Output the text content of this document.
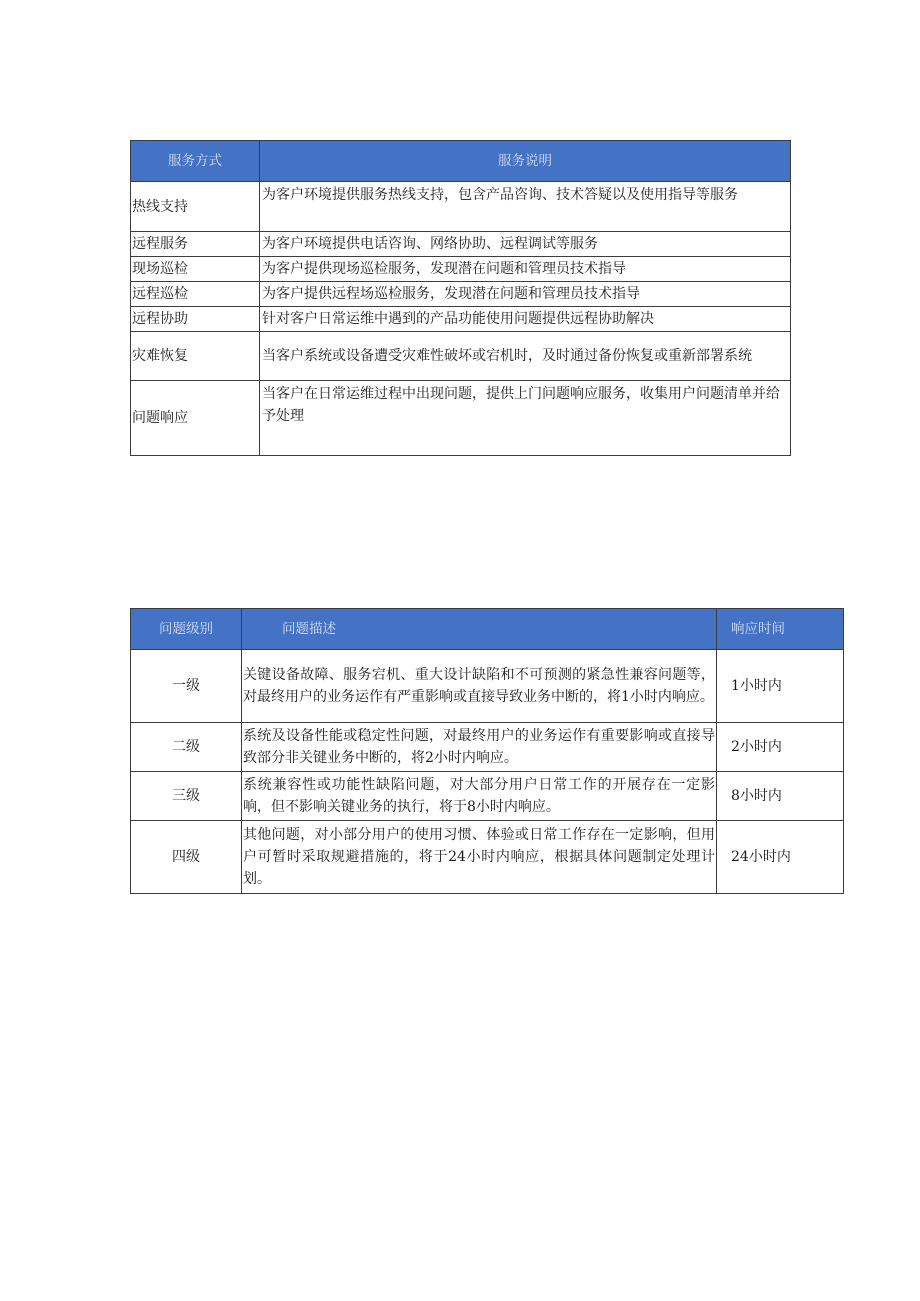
服务方式	服务说明
热线支持	为客户环境提供服务热线支持，包含产品咨询、技术答疑以及使用指导等服务
远程服务	为客户环境提供电话咨询、网络协助、远程调试等服务
现场巡检	为客户提供现场巡检服务，发现潜在问题和管理员技术指导
远程巡检	为客户提供远程场巡检服务，发现潜在问题和管理员技术指导
远程协助	针对客户日常运维中遇到的产品功能使用问题提供远程协助解决
灾难恢复	当客户系统或设备遭受灾难性破坏或宕机时，及时通过备份恢复或重新部署系统
问题响应	当客户在日常运维过程中出现问题，提供上门问题响应服务，收集用户问题清单并给予处理
问题级别	问题描述	响应时间
一级	关键设备故障、服务宕机、重大设计缺陷和不可预测的紧急性兼容问题等，对最终用户的业务运作有严重影响或直接导致业务中断的，将1小时内响应。	1小时内
二级	系统及设备性能或稳定性问题，对最终用户的业务运作有重要影响或直接导致部分非关键业务中断的，将2小时内响应。	2小时内
三级	系统兼容性或功能性缺陷问题，对大部分用户日常工作的开展存在一定影响，但不影响关键业务的执行，将于8小时内响应。	8小时内
四级	其他问题，对小部分用户的使用习惯、体验或日常工作存在一定影响，但用户可暂时采取规避措施的，将于24小时内响应，根据具体问题制定处理计划。	24小时内
